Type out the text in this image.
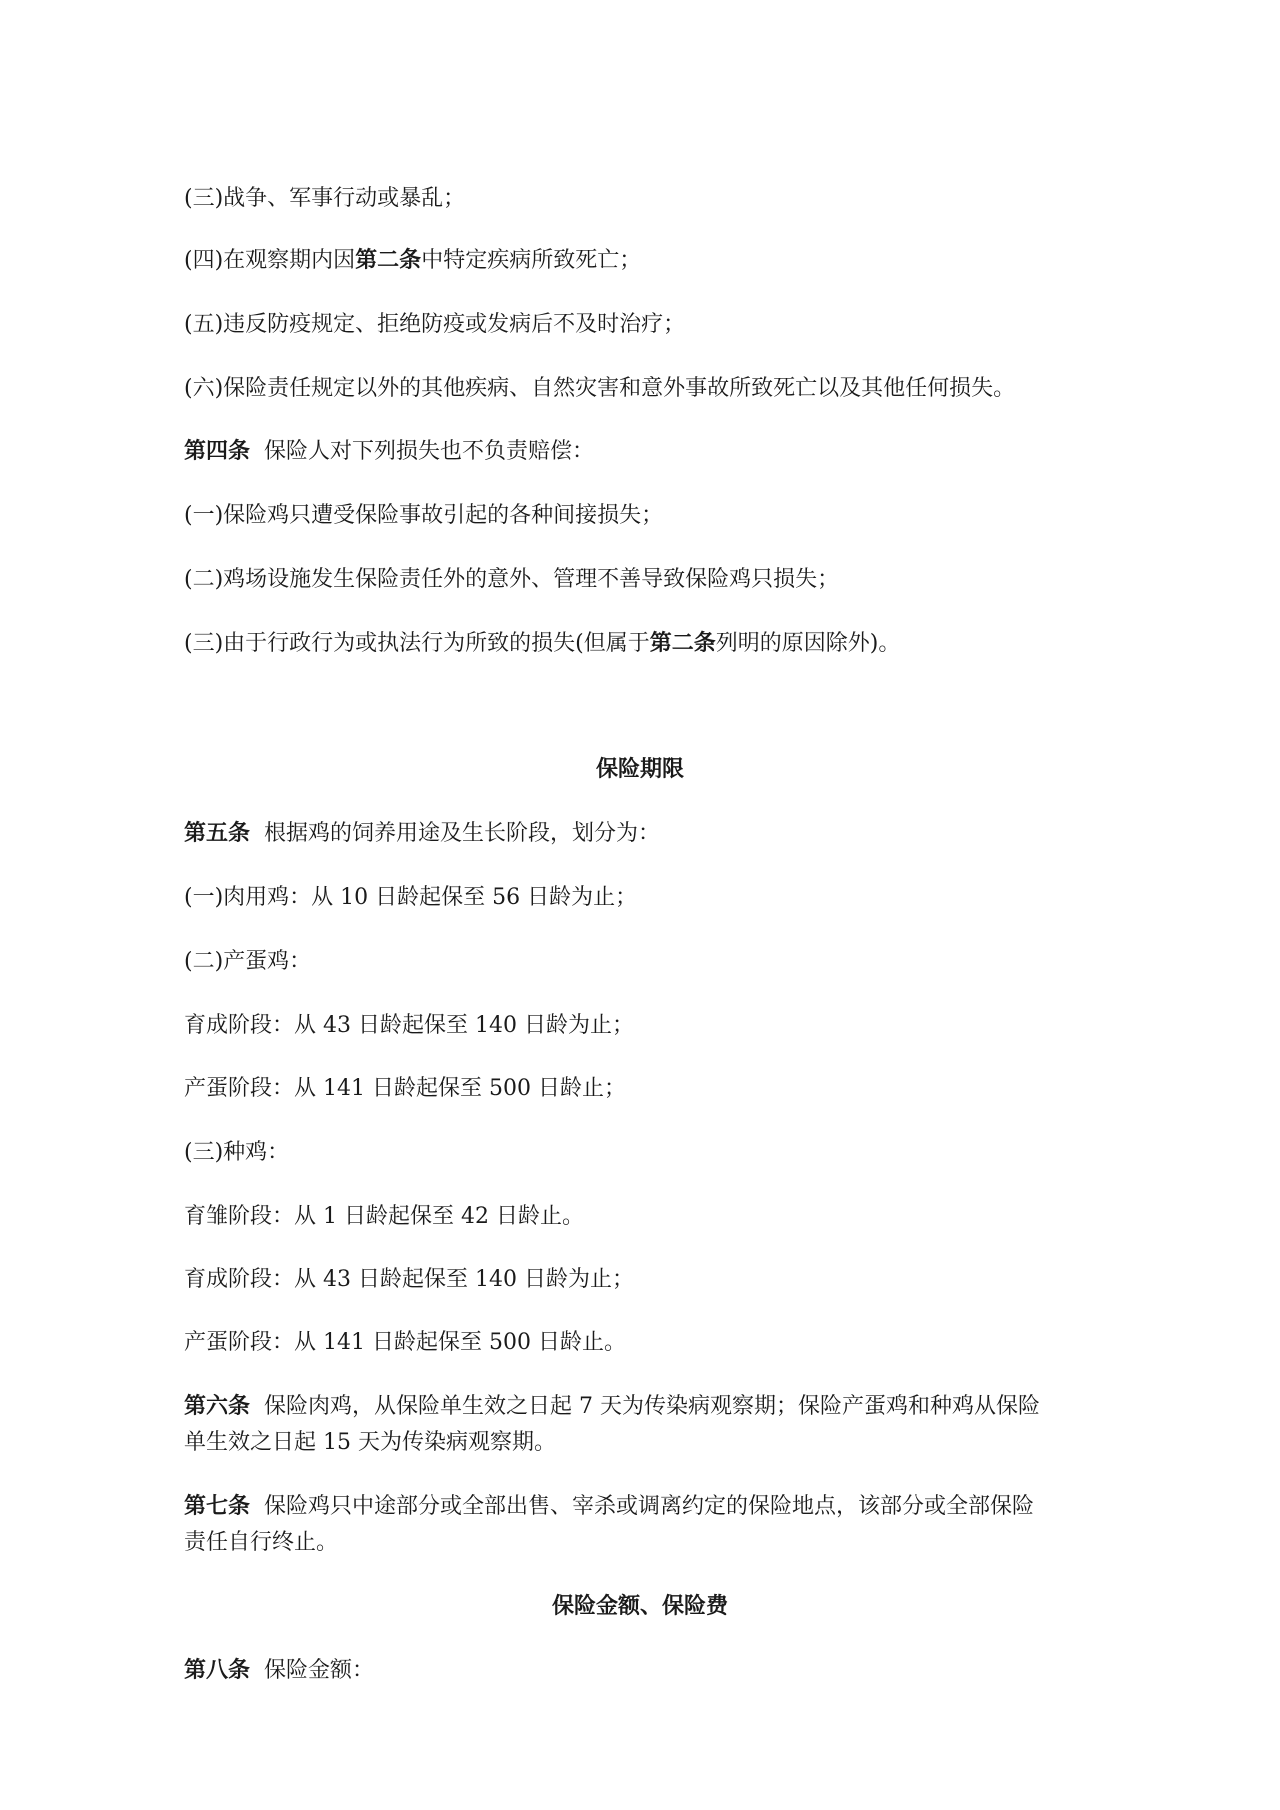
(三)战争、军事行动或暴乱；
(四)在观察期内因第二条中特定疾病所致死亡；
(五)违反防疫规定、拒绝防疫或发病后不及时治疗；
(六)保险责任规定以外的其他疾病、自然灾害和意外事故所致死亡以及其他任何损失。
第四条 保险人对下列损失也不负责赔偿：
(一)保险鸡只遭受保险事故引起的各种间接损失；
(二)鸡场设施发生保险责任外的意外、管理不善导致保险鸡只损失；
(三)由于行政行为或执法行为所致的损失(但属于第二条列明的原因除外)。
保险期限
第五条 根据鸡的饲养用途及生长阶段，划分为：
(一)肉用鸡：从 10 日龄起保至 56 日龄为止；
(二)产蛋鸡：
育成阶段：从 43 日龄起保至 140 日龄为止；
产蛋阶段：从 141 日龄起保至 500 日龄止；
(三)种鸡：
育雏阶段：从 1 日龄起保至 42 日龄止。
育成阶段：从 43 日龄起保至 140 日龄为止；
产蛋阶段：从 141 日龄起保至 500 日龄止。
第六条 保险肉鸡，从保险单生效之日起 7 天为传染病观察期；保险产蛋鸡和种鸡从保险
单生效之日起 15 天为传染病观察期。
第七条 保险鸡只中途部分或全部出售、宰杀或调离约定的保险地点，该部分或全部保险
责任自行终止。
保险金额、保险费
第八条 保险金额：
